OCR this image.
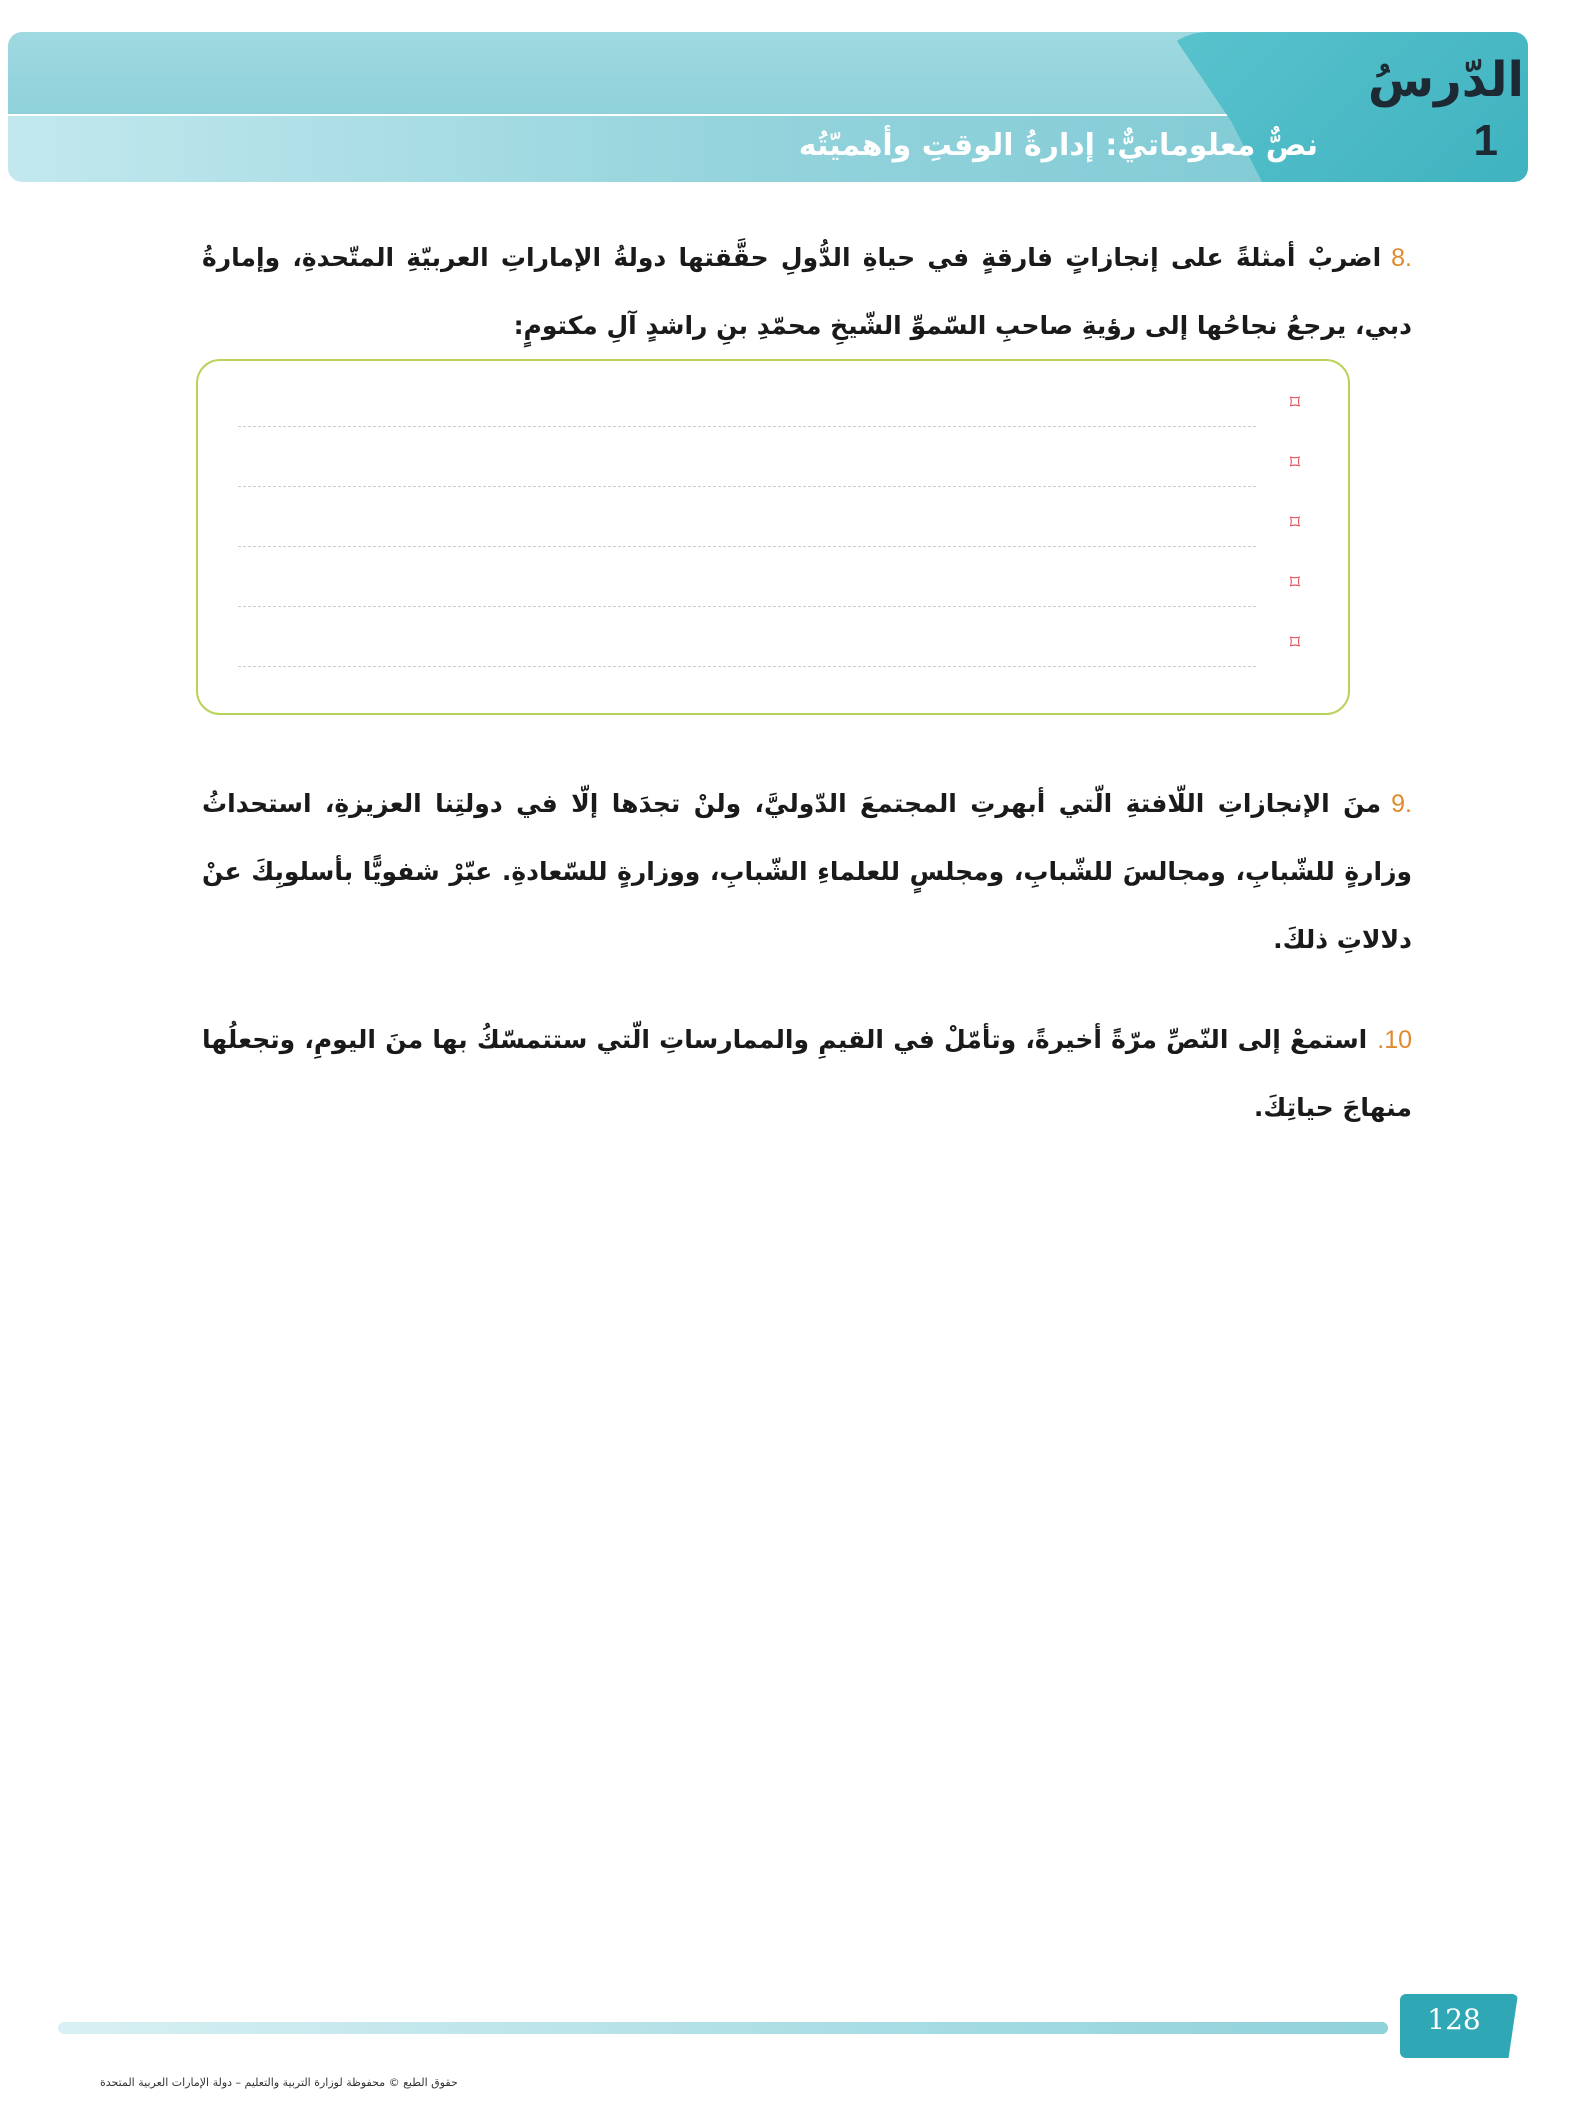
الدّرسُ
1
نصٌّ معلوماتيٌّ: إدارةُ الوقتِ وأهميّتُه
.8اضربْ أمثلةً على إنجازاتٍ فارقةٍ في حياةِ الدُّولِ حقَّقتها دولةُ الإماراتِ العربيّةِ المتّحدةِ، وإمارةُ دبي، يرجعُ نجاحُها إلى رؤيةِ صاحبِ السّموِّ الشّيخِ محمّدِ بنِ راشدٍ آلِ مكتومٍ:
⌑
⌑
⌑
⌑
⌑
.9منَ الإنجازاتِ اللّافتةِ الّتي أبهرتِ المجتمعَ الدّوليَّ، ولنْ تجدَها إلّا في دولتِنا العزيزةِ، استحداثُ وزارةٍ للشّبابِ، ومجالسَ للشّبابِ، ومجلسٍ للعلماءِ الشّبابِ، ووزارةٍ للسّعادةِ. عبّرْ شفويًّا بأسلوبِكَ عنْ دلالاتِ ذلكَ.
10.استمعْ إلى النّصِّ مرّةً أخيرةً، وتأمّلْ في القيمِ والممارساتِ الّتي ستتمسّكُ بها منَ اليومِ، وتجعلُها منهاجَ حياتِكَ.
128
حقوق الطبع © محفوظة لوزارة التربية والتعليم – دولة الإمارات العربية المتحدة
